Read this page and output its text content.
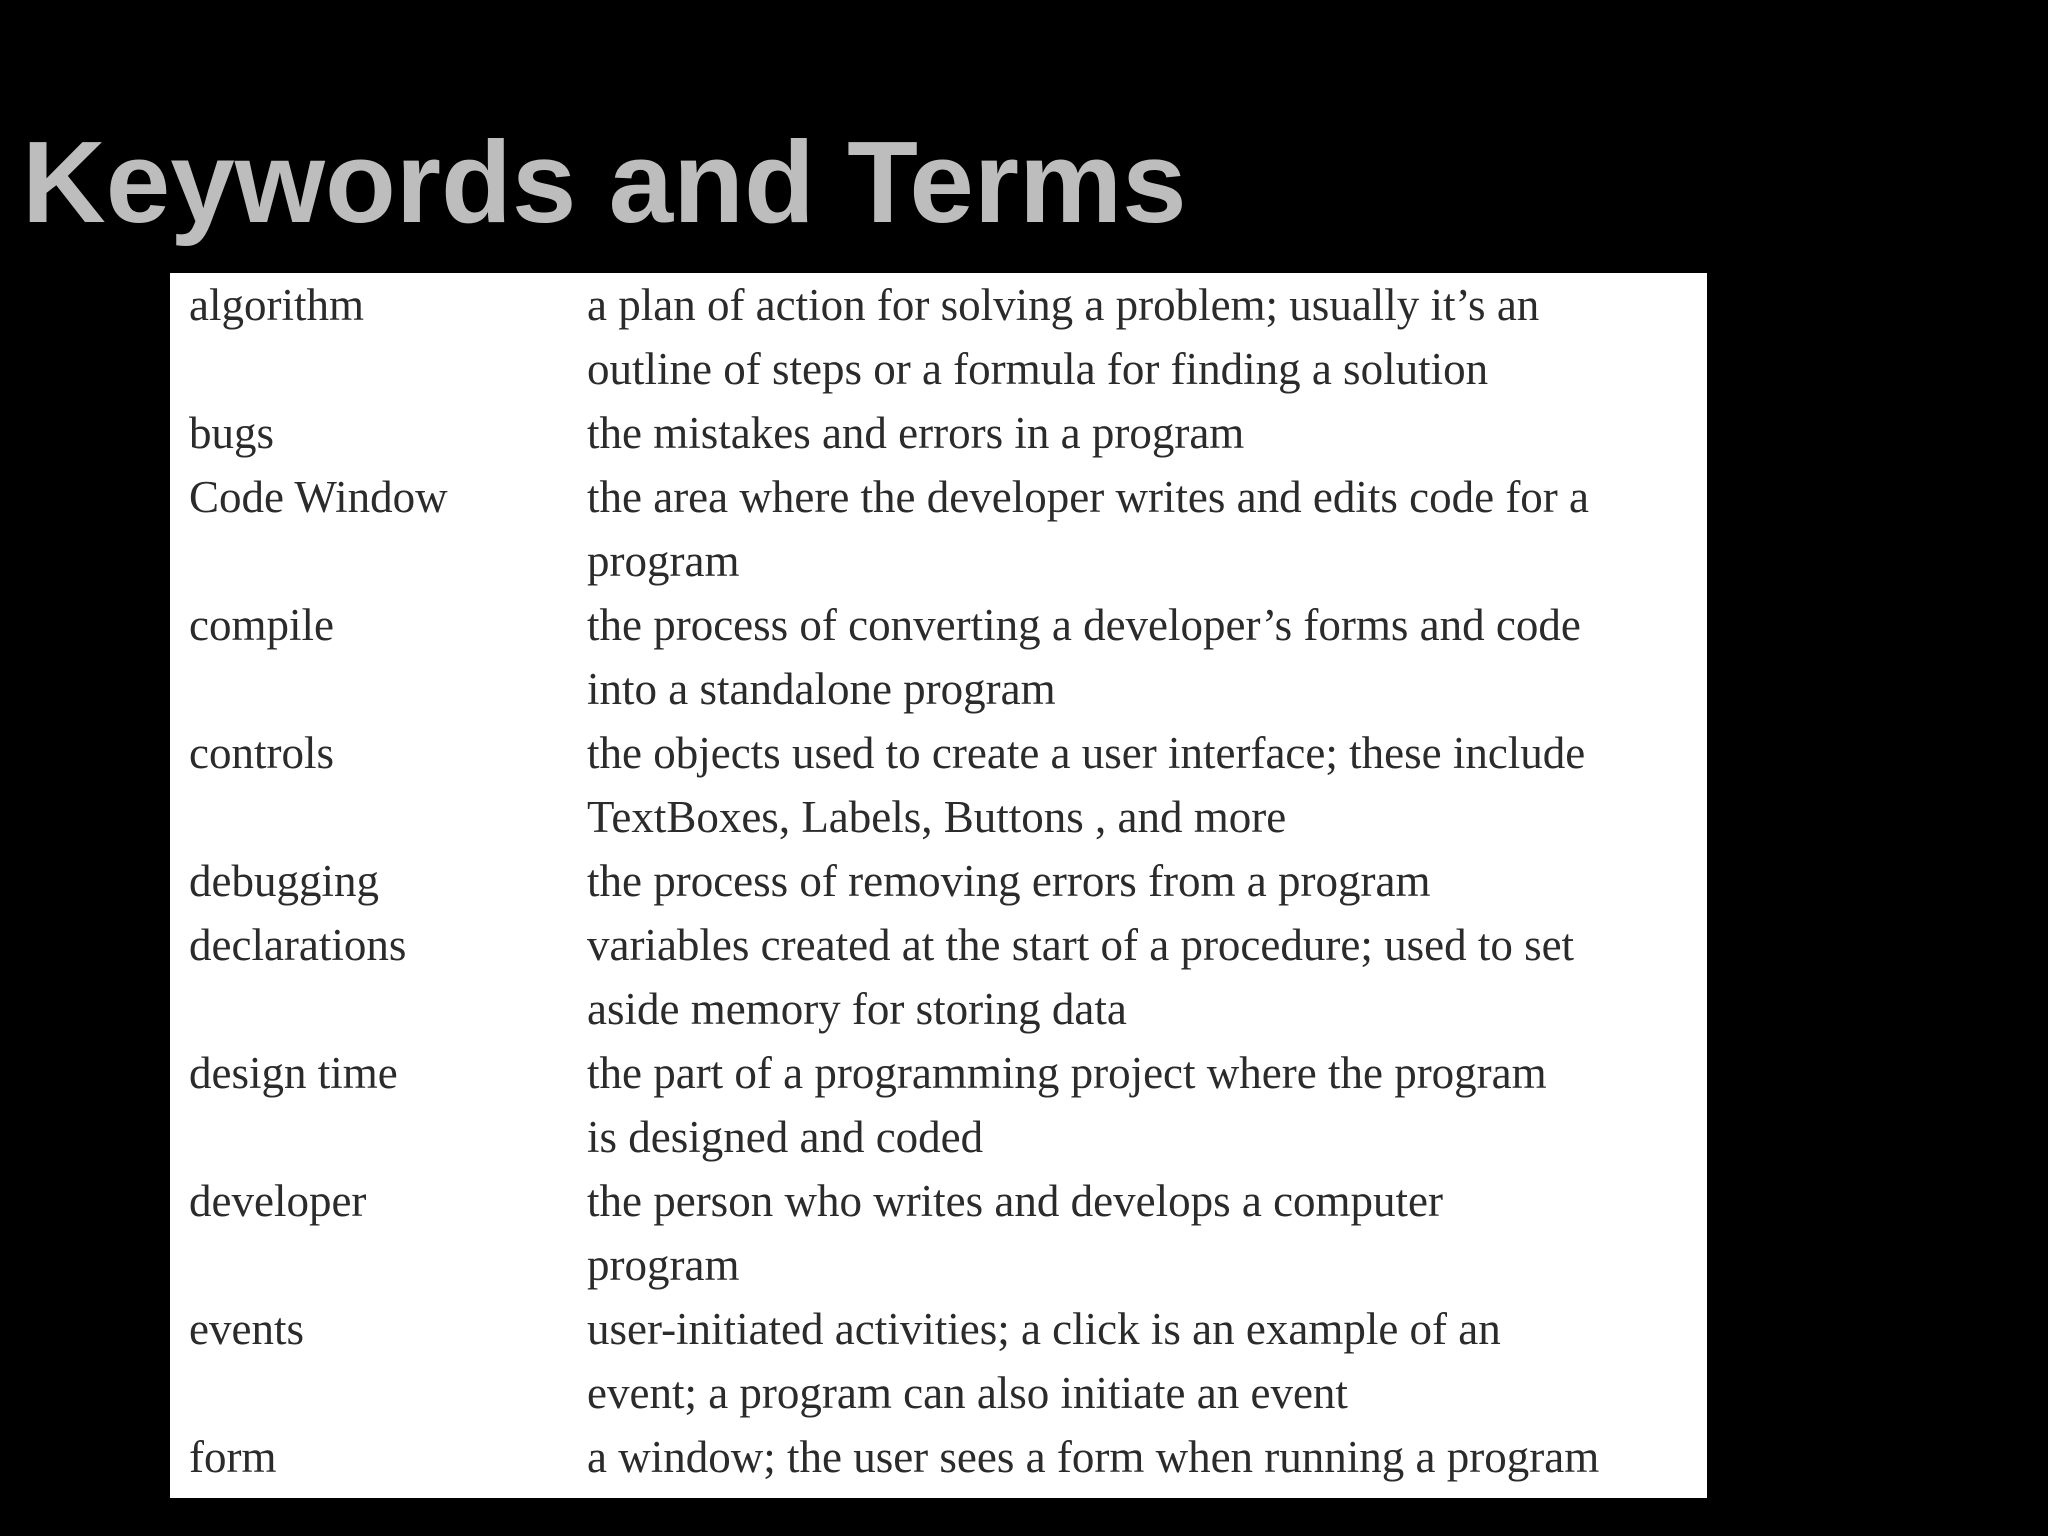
Keywords and Terms
algorithm	a plan of action for solving a problem; usually it’s an
outline of steps or a formula for finding a solution

bugs	the mistakes and errors in a program

Code Window	the area where the developer writes and edits code for a
program

compile	the process of converting a developer’s forms and code
into a standalone program

controls	the objects used to create a user interface; these include
TextBoxes, Labels, Buttons , and more

debugging	the process of removing errors from a program

declarations	variables created at the start of a procedure; used to set
aside memory for storing data

design time	the part of a programming project where the program
is designed and coded

developer	the person who writes and develops a computer
program

events	user-initiated activities; a click is an example of an
event; a program can also initiate an event

form	a window; the user sees a form when running a program
